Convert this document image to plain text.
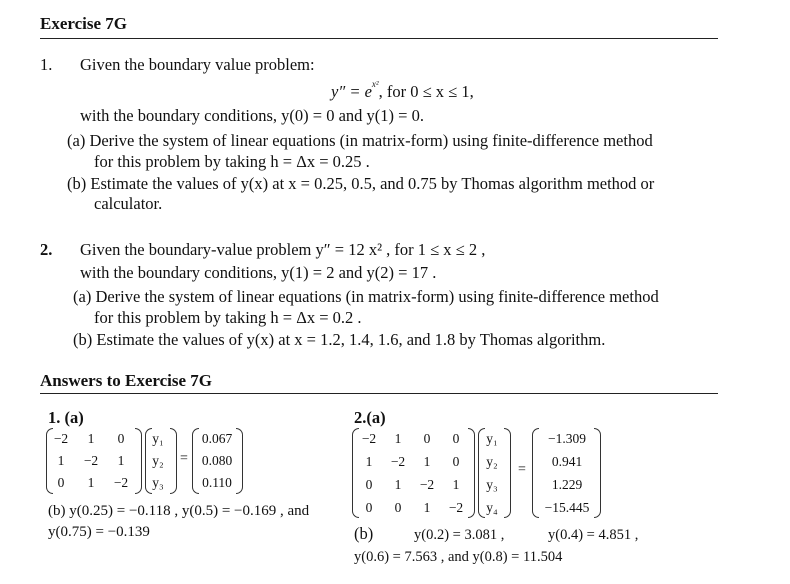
Exercise 7G
1. Given the boundary value problem:
$y'' = e^{x^2}$, for 0 ≤ x ≤ 1,
with the boundary conditions, y(0) = 0 and y(1) = 0.
(a) Derive the system of linear equations (in matrix-form) using finite-difference method
for this problem by taking h = Δx = 0.25 .
(b) Estimate the values of y(x) at x = 0.25, 0.5, and 0.75 by Thomas algorithm method or
calculator.
2. Given the boundary-value problem y″ = 12 x² , for 1 ≤ x ≤ 2 ,
with the boundary conditions, y(1) = 2 and y(2) = 17 .
(a) Derive the system of linear equations (in matrix-form) using finite-difference method
for this problem by taking h = Δx = 0.2 .
(b) Estimate the values of y(x) at x = 1.2, 1.4, 1.6, and 1.8 by Thomas algorithm.
Answers to Exercise 7G
1. (a)
−2	1	0
1	−2	1
0	1	−2
y₁
y₂
y₃
=
0.067
0.080
0.110
(b) y(0.25) = −0.118 , y(0.5) = −0.169 , and
y(0.75) = −0.139
2.(a)
−2	1	0	0
1	−2	1	0
0	1	−2	1
0	0	1	−2
y₁
y₂
y₃
y₄
=
−1.309
0.941
1.229
−15.445
(b)	y(0.2) = 3.081 ,	y(0.4) = 4.851 ,
y(0.6) = 7.563 , and y(0.8) = 11.504
